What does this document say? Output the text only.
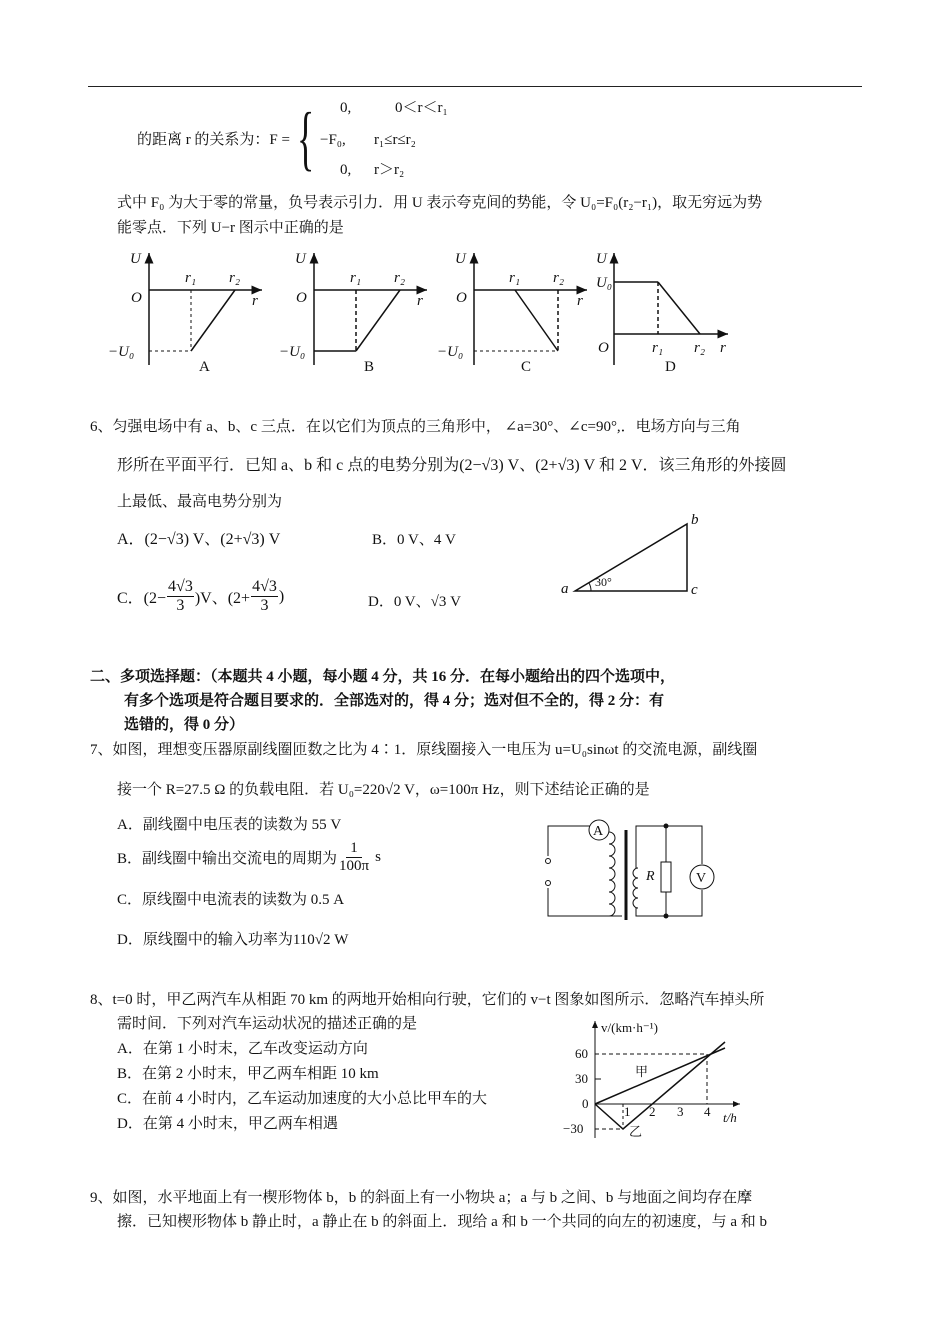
的距离 r 的关系为：F = { 0,	0＜r＜r₁
−F₀, r₁≤r≤r₂
0, r＞r₂
式中 F₀ 为大于零的常量，负号表示引力．用 U 表示夸克间的势能，令 U₀=F₀(r₂−r₁)，取无穷远为势
能零点．下列 U−r 图示中正确的是
U
O	r
r₁ r₂
−U₀
A
U
O	r
r₁ r₂
−U₀
B
U
O	r
r₁ r₂
−U₀
C
U
U₀
O	r₁ r₂ r
D
6、匀强电场中有 a、b、c 三点．在以它们为顶点的三角形中， ∠a=30°、∠c=90°,．电场方向与三角
形所在平面平行．已知 a、b 和 c 点的电势分别为(2−√3) V、(2+√3) V 和 2 V．该三角形的外接圆
上最低、最高电势分别为
A．(2−√3) V、(2+√3) V	B．0 V、4 V
C．$(2- \frac{4√3}{3} )V$、($2+ \frac{4√3}{3}$ )	D．0 V、√3 V
a
b
c
30°
二、多项选择题：（本题共 4 小题，每小题 4 分，共 16 分．在每小题给出的四个选项中，
有多个选项是符合题目要求的．全部选对的，得 4 分；选对但不全的，得 2 分：有
选错的，得 0 分）
7、如图，理想变压器原副线圈匝数之比为 4∶1．原线圈接入一电压为 u=U₀sinωt 的交流电源，副线圈
接一个 R=27.5 Ω 的负载电阻．若 U₀=220√2 V，ω=100π Hz，则下述结论正确的是
A．副线圈中电压表的读数为 55 V
B．副线圈中输出交流电的周期为 $\frac{1}{100\pi}$ s
C．原线圈中电流表的读数为 0.5 A
D．原线圈中的输入功率为110√2 W
A
R	V
8、t=0 时，甲乙两汽车从相距 70 km 的两地开始相向行驶，它们的 v−t 图象如图所示．忽略汽车掉头所
需时间．下列对汽车运动状况的描述正确的是
A．在第 1 小时末，乙车改变运动方向
B．在第 2 小时末，甲乙两车相距 10 km
C．在前 4 小时内，乙车运动加速度的大小总比甲车的大
D．在第 4 小时末，甲乙两车相遇
v/(km·h⁻¹)
t/h
60
30
0
−30
1 2 3 4
甲
乙
9、如图，水平地面上有一楔形物体 b，b 的斜面上有一小物块 a；a 与 b 之间、b 与地面之间均存在摩
擦．已知楔形物体 b 静止时，a 静止在 b 的斜面上．现给 a 和 b 一个共同的向左的初速度，与 a 和 b
